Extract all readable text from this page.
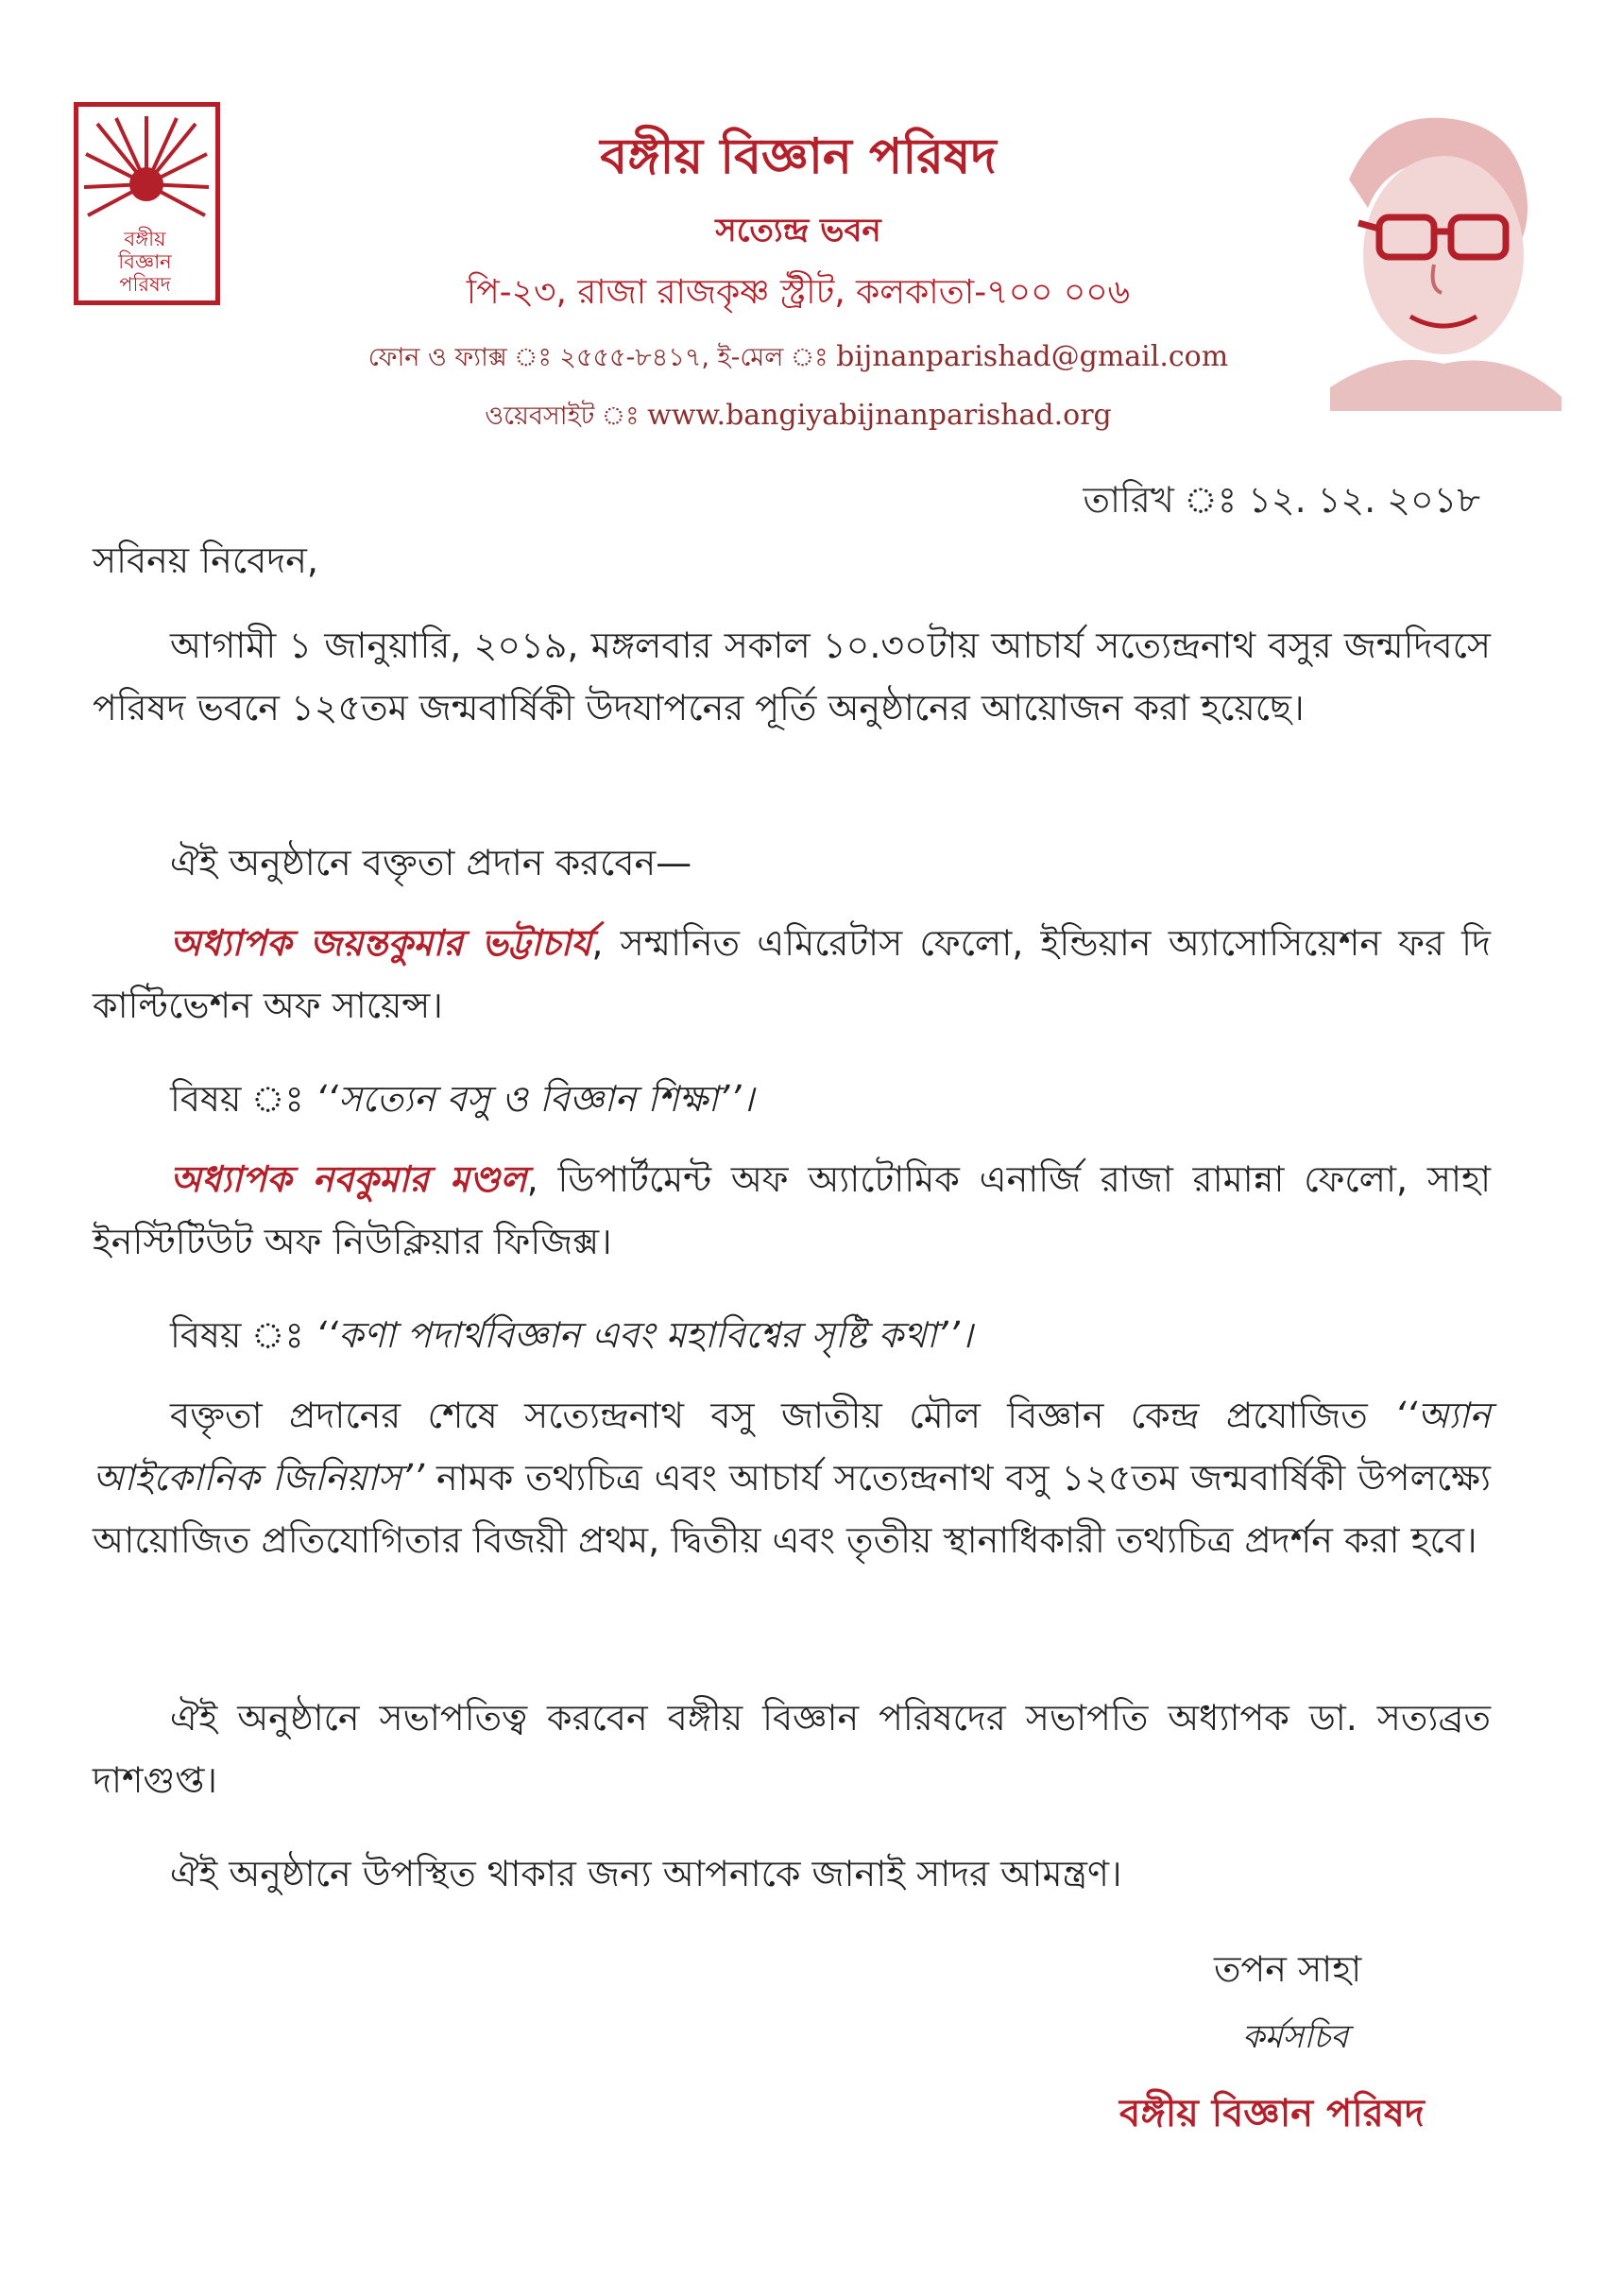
বঙ্গীয়
বিজ্ঞান
পরিষদ
বঙ্গীয় বিজ্ঞান পরিষদ
সত্যেন্দ্র ভবন
পি-২৩, রাজা রাজকৃষ্ণ স্ট্রীট, কলকাতা-৭০০ ০০৬
ফোন ও ফ্যাক্স ঃ ২৫৫৫-৮৪১৭, ই-মেল ঃ bijnanparishad@gmail.com
ওয়েবসাইট ঃ www.bangiyabijnanparishad.org
তারিখ ঃ ১২. ১২. ২০১৮
সবিনয় নিবেদন,
আগামী ১ জানুয়ারি, ২০১৯, মঙ্গলবার সকাল ১০.৩০টায় আচার্য সত্যেন্দ্রনাথ বসুর জন্মদিবসে পরিষদ ভবনে ১২৫তম জন্মবার্ষিকী উদযাপনের পূর্তি অনুষ্ঠানের আয়োজন করা হয়েছে।
ঐই অনুষ্ঠানে বক্তৃতা প্রদান করবেন—
অধ্যাপক জয়ন্তকুমার ভট্টাচার্য, সম্মানিত এমিরেটাস ফেলো, ইন্ডিয়ান অ্যাসোসিয়েশন ফর দি কাল্টিভেশন অফ সায়েন্স।
বিষয় ঃ ‘‘সত্যেন বসু ও বিজ্ঞান শিক্ষা’’।
অধ্যাপক নবকুমার মণ্ডল, ডিপার্টমেন্ট অফ অ্যাটোমিক এনার্জি রাজা রামান্না ফেলো, সাহা ইনস্টিটিউট অফ নিউক্লিয়ার ফিজিক্স।
বিষয় ঃ ‘‘কণা পদার্থবিজ্ঞান এবং মহাবিশ্বের সৃষ্টি কথা’’।
বক্তৃতা প্রদানের শেষে সত্যেন্দ্রনাথ বসু জাতীয় মৌল বিজ্ঞান কেন্দ্র প্রযোজিত ‘‘অ্যান আইকোনিক জিনিয়াস’’ নামক তথ্যচিত্র এবং আচার্য সত্যেন্দ্রনাথ বসু ১২৫তম জন্মবার্ষিকী উপলক্ষ্যে আয়োজিত প্রতিযোগিতার বিজয়ী প্রথম, দ্বিতীয় এবং তৃতীয় স্থানাধিকারী তথ্যচিত্র প্রদর্শন করা হবে।
ঐই অনুষ্ঠানে সভাপতিত্ব করবেন বঙ্গীয় বিজ্ঞান পরিষদের সভাপতি অধ্যাপক ডা. সত্যব্রত দাশগুপ্ত।
ঐই অনুষ্ঠানে উপস্থিত থাকার জন্য আপনাকে জানাই সাদর আমন্ত্রণ।
তপন সাহা
কর্মসচিব
বঙ্গীয় বিজ্ঞান পরিষদ
